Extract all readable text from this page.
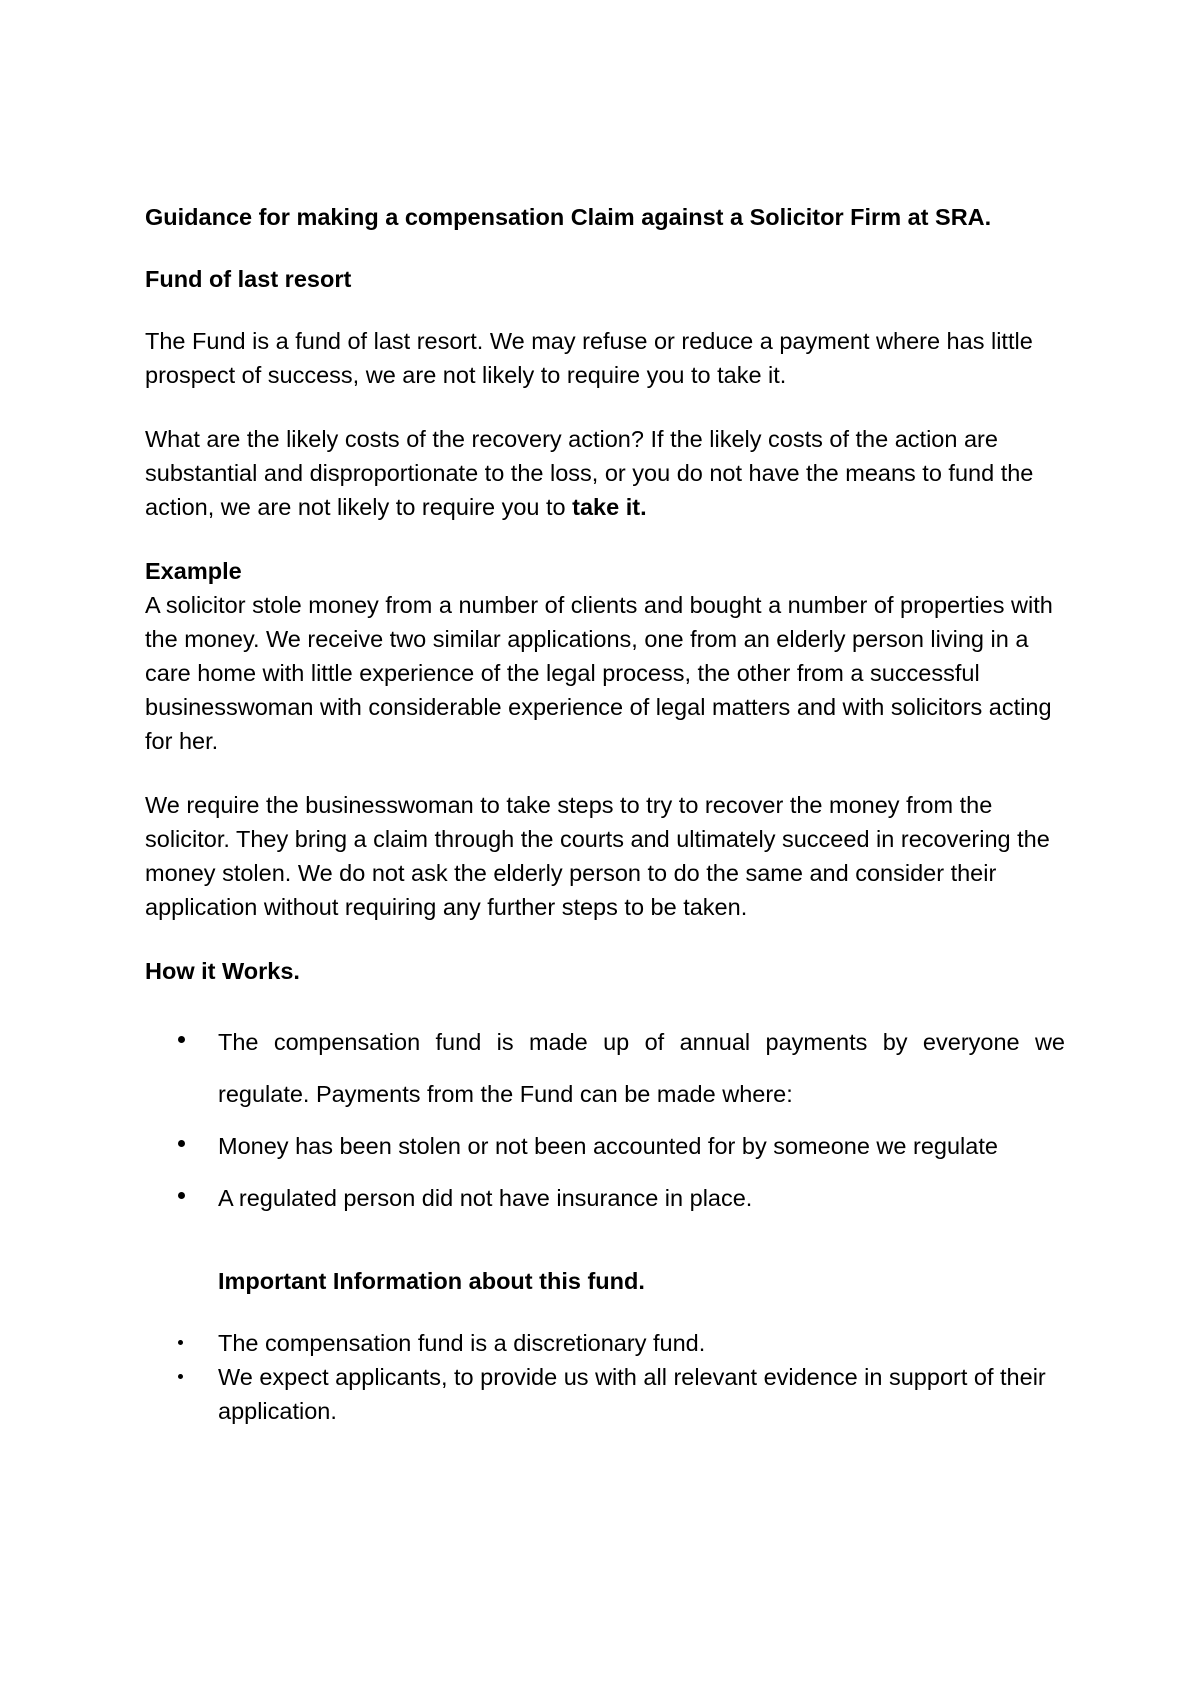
Guidance for making a compensation Claim against a Solicitor Firm at SRA.

Fund of last resort

The Fund is a fund of last resort. We may refuse or reduce a payment where has little prospect of success, we are not likely to require you to take it.

What are the likely costs of the recovery action? If the likely costs of the action are substantial and disproportionate to the loss, or you do not have the means to fund the action, we are not likely to require you to take it.

Example

A solicitor stole money from a number of clients and bought a number of properties with the money. We receive two similar applications, one from an elderly person living in a care home with little experience of the legal process, the other from a successful businesswoman with considerable experience of legal matters and with solicitors acting for her.

We require the businesswoman to take steps to try to recover the money from the solicitor. They bring a claim through the courts and ultimately succeed in recovering the money stolen. We do not ask the elderly person to do the same and consider their application without requiring any further steps to be taken.

How it Works.

The compensation fund is made up of annual payments by everyone we regulate. Payments from the Fund can be made where:
Money has been stolen or not been accounted for by someone we regulate
A regulated person did not have insurance in place.

Important Information about this fund.

The compensation fund is a discretionary fund.
We expect applicants, to provide us with all relevant evidence in support of their application.
